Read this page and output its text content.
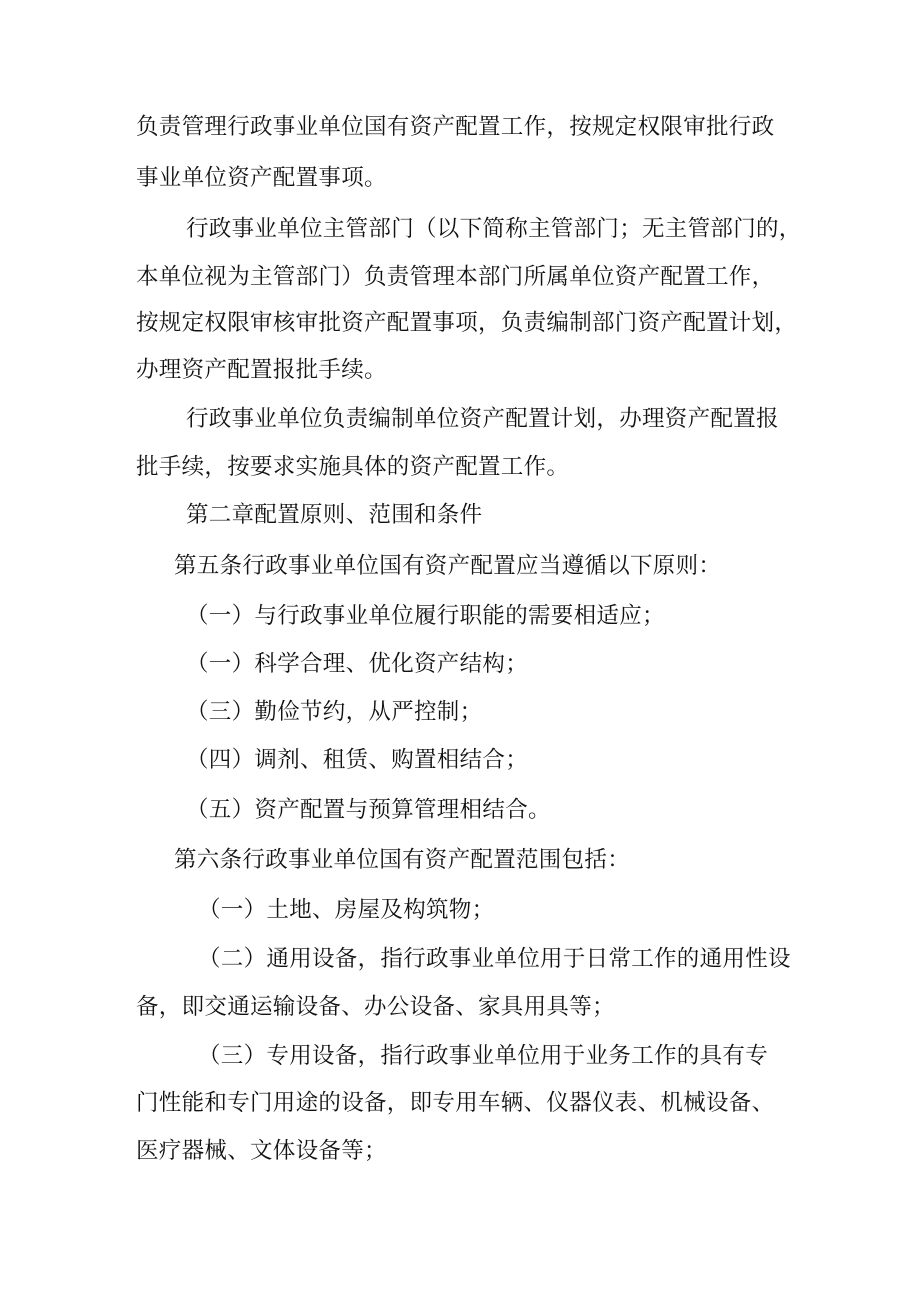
负责管理行政事业单位国有资产配置工作，按规定权限审批行政
事业单位资产配置事项。
行政事业单位主管部门（以下简称主管部门；无主管部门的，
本单位视为主管部门）负责管理本部门所属单位资产配置工作，
按规定权限审核审批资产配置事项，负责编制部门资产配置计划，
办理资产配置报批手续。
行政事业单位负责编制单位资产配置计划，办理资产配置报
批手续，按要求实施具体的资产配置工作。
第二章配置原则、范围和条件
第五条行政事业单位国有资产配置应当遵循以下原则：
（一）与行政事业单位履行职能的需要相适应；
（一）科学合理、优化资产结构；
（三）勤俭节约，从严控制；
（四）调剂、租赁、购置相结合；
（五）资产配置与预算管理相结合。
第六条行政事业单位国有资产配置范围包括：
（一）土地、房屋及构筑物；
（二）通用设备，指行政事业单位用于日常工作的通用性设
备，即交通运输设备、办公设备、家具用具等；
（三）专用设备，指行政事业单位用于业务工作的具有专
门性能和专门用途的设备，即专用车辆、仪器仪表、机械设备、
医疗器械、文体设备等；
